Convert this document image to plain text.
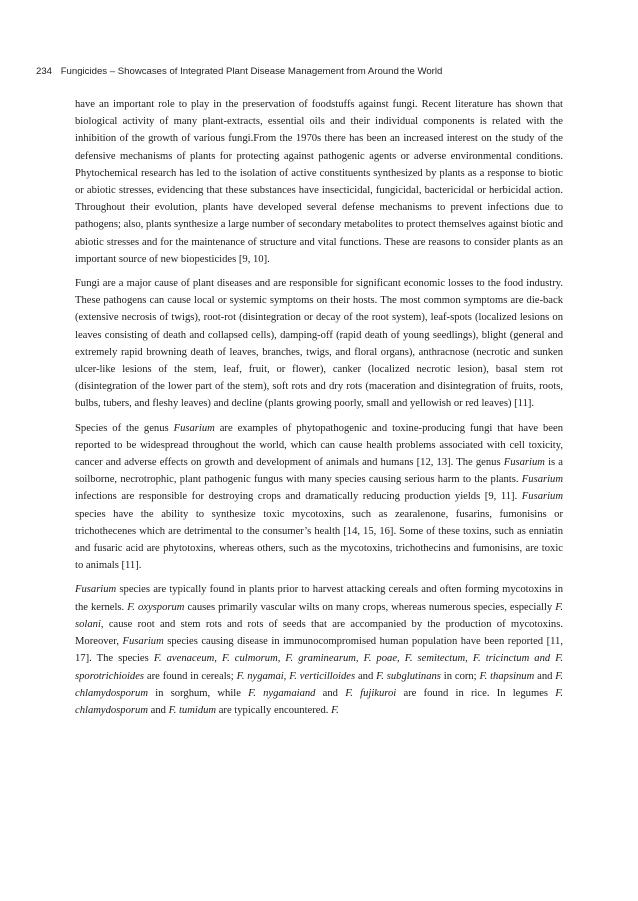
234 Fungicides – Showcases of Integrated Plant Disease Management from Around the World

have an important role to play in the preservation of foodstuffs against fungi. Recent literature has shown that biological activity of many plant-extracts, essential oils and their individual components is related with the inhibition of the growth of various fungi.From the 1970s there has been an increased interest on the study of the defensive mechanisms of plants for protecting against pathogenic agents or adverse environmental conditions. Phytochemical research has led to the isolation of active constituents synthesized by plants as a response to biotic or abiotic stresses, evidencing that these substances have insecticidal, fungicidal, bactericidal or herbicidal action. Throughout their evolution, plants have developed several defense mechanisms to prevent infections due to pathogens; also, plants synthesize a large number of secondary metabolites to protect themselves against biotic and abiotic stresses and for the maintenance of structure and vital functions. These are reasons to consider plants as an important source of new biopesticides [9, 10].

Fungi are a major cause of plant diseases and are responsible for significant economic losses to the food industry. These pathogens can cause local or systemic symptoms on their hosts. The most common symptoms are die-back (extensive necrosis of twigs), root-rot (disintegration or decay of the root system), leaf-spots (localized lesions on leaves consisting of death and collapsed cells), damping-off (rapid death of young seedlings), blight (general and extremely rapid browning death of leaves, branches, twigs, and floral organs), anthracnose (necrotic and sunken ulcer-like lesions of the stem, leaf, fruit, or flower), canker (localized necrotic lesion), basal stem rot (disintegration of the lower part of the stem), soft rots and dry rots (maceration and disintegration of fruits, roots, bulbs, tubers, and fleshy leaves) and decline (plants growing poorly, small and yellowish or red leaves) [11].

Species of the genus Fusarium are examples of phytopathogenic and toxine-producing fungi that have been reported to be widespread throughout the world, which can cause health problems associated with cell toxicity, cancer and adverse effects on growth and development of animals and humans [12, 13]. The genus Fusarium is a soilborne, necrotrophic, plant pathogenic fungus with many species causing serious harm to the plants. Fusarium infections are responsible for destroying crops and dramatically reducing production yields [9, 11]. Fusarium species have the ability to synthesize toxic mycotoxins, such as zearalenone, fusarins, fumonisins or trichothecenes which are detrimental to the consumer’s health [14, 15, 16]. Some of these toxins, such as enniatin and fusaric acid are phytotoxins, whereas others, such as the mycotoxins, trichothecins and fumonisins, are toxic to animals [11].

Fusarium species are typically found in plants prior to harvest attacking cereals and often forming mycotoxins in the kernels. F. oxysporum causes primarily vascular wilts on many crops, whereas numerous species, especially F. solani, cause root and stem rots and rots of seeds that are accompanied by the production of mycotoxins. Moreover, Fusarium species causing disease in immunocompromised human population have been reported [11, 17]. The species F. avenaceum, F. culmorum, F. graminearum, F. poae, F. semitectum, F. tricinctum and F. sporotrichioides are found in cereals; F. nygamai, F. verticilloides and F. subglutinans in corn; F. thapsinum and F. chlamydosporum in sorghum, while F. nygamaiand and F. fujikuroi are found in rice. In legumes F. chlamydosporum and F. tumidum are typically encountered. F.
